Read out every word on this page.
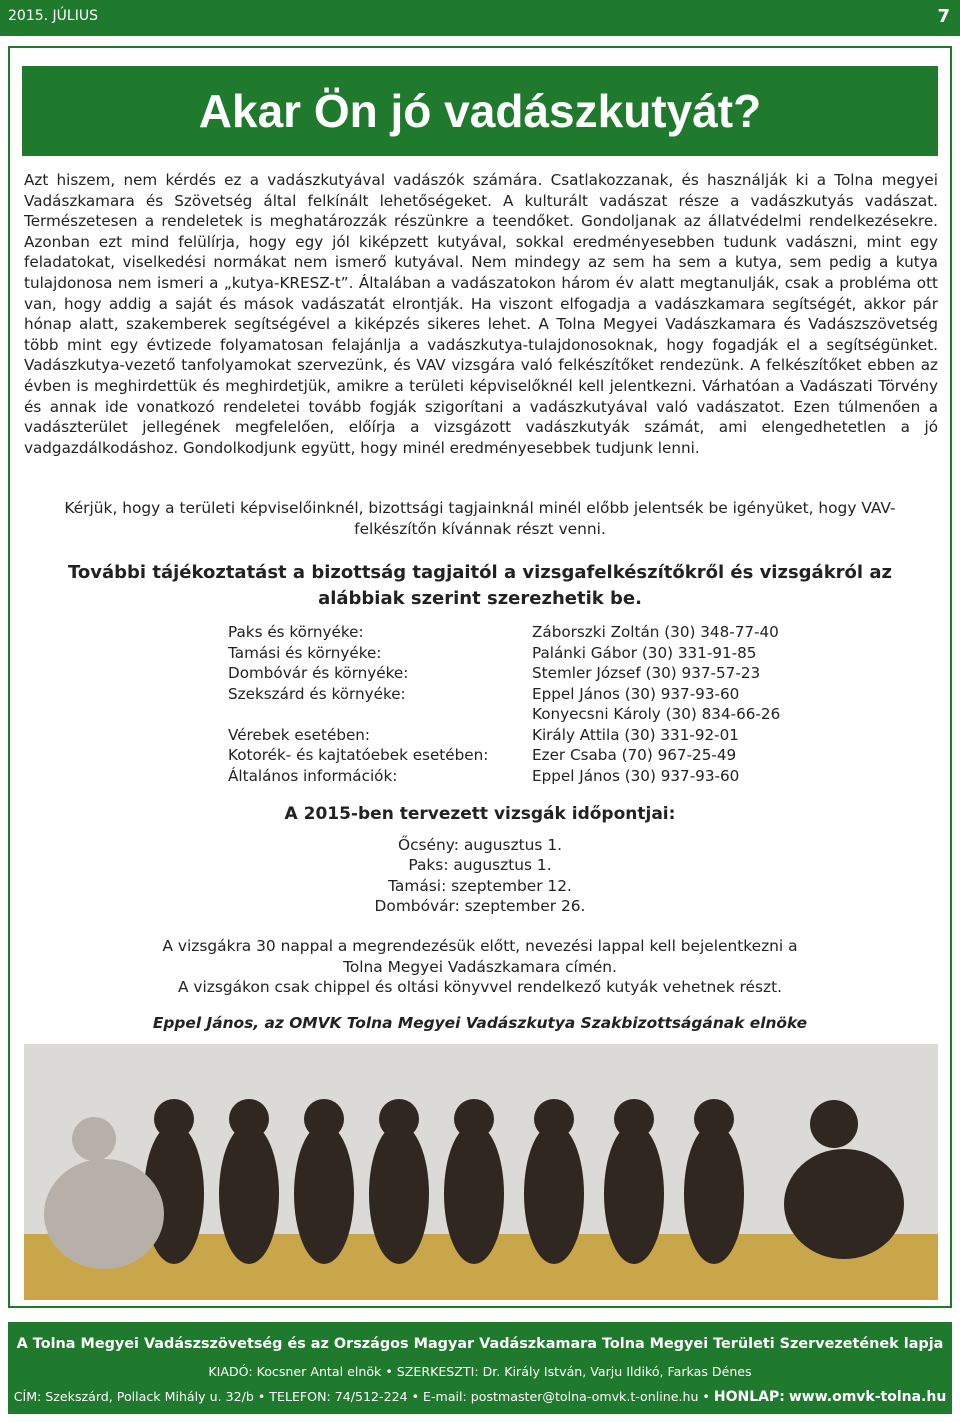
2015. JÚLIUS	7
Akar Ön jó vadászkutyát?
Azt hiszem, nem kérdés ez a vadászkutyával vadászók számára. Csatlakozzanak, és használják ki a Tolna megyei Vadászkamara és Szövetség által felkínált lehetőségeket. A kulturált vadászat része a vadászkutyás vadászat. Természetesen a rendeletek is meghatározzák részünkre a teendőket. Gondoljanak az állatvédelmi rendelkezésekre. Azonban ezt mind felülírja, hogy egy jól kiképzett kutyával, sokkal eredményesebben tudunk vadászni, mint egy feladatokat, viselkedési normákat nem ismerő kutyával. Nem mindegy az sem ha sem a kutya, sem pedig a kutya tulajdonosa nem ismeri a „kutya-KRESZ-t”. Általában a vadászatokon három év alatt megtanulják, csak a probléma ott van, hogy addig a saját és mások vadászatát elrontják. Ha viszont elfogadja a vadászkamara segítségét, akkor pár hónap alatt, szakemberek segítségével a kiképzés sikeres lehet. A Tolna Megyei Vadászkamara és Vadászszövetség több mint egy évtizede folyamatosan felajánlja a vadászkutya-tulajdonosoknak, hogy fogadják el a segítségünket. Vadászkutya-vezető tanfolyamokat szervezünk, és VAV vizsgára való felkészítőket rendezünk. A felkészítőket ebben az évben is meghirdettük és meghirdetjük, amikre a területi képviselőknél kell jelentkezni. Várhatóan a Vadászati Törvény és annak ide vonatkozó rendeletei tovább fogják szigorítani a vadászkutyával való vadászatot. Ezen túlmenően a vadászterület jellegének megfelelően, előírja a vizsgázott vadászkutyák számát, ami elengedhetetlen a jó vadgazdálkodáshoz. Gondolkodjunk együtt, hogy minél eredményesebbek tudjunk lenni.
Kérjük, hogy a területi képviselőinknél, bizottsági tagjainknál minél előbb jelentsék be igényüket, hogy VAV-felkészítőn kívánnak részt venni.
További tájékoztatást a bizottság tagjaitól a vizsgafelkészítőkről és vizsgákról az alábbiak szerint szerezhetik be.
Paks és környéke:	Záborszki Zoltán (30) 348-77-40
Tamási és környéke:	Palánki Gábor (30) 331-91-85
Dombóvár és környéke:	Stemler József (30) 937-57-23
Szekszárd és környéke:	Eppel János (30) 937-93-60
Konyecsni Károly (30) 834-66-26
Vérebek esetében:	Király Attila (30) 331-92-01
Kotorék- és kajtatóebek esetében:	Ezer Csaba (70) 967-25-49
Általános információk:	Eppel János (30) 937-93-60
A 2015-ben tervezett vizsgák időpontjai:
Őcsény: augusztus 1.
Paks: augusztus 1.
Tamási: szeptember 12.
Dombóvár: szeptember 26.
A vizsgákra 30 nappal a megrendezésük előtt, nevezési lappal kell bejelentkezni a
Tolna Megyei Vadászkamara címén.
A vizsgákon csak chippel és oltási könyvvel rendelkező kutyák vehetnek részt.
Eppel János, az OMVK Tolna Megyei Vadászkutya Szakbizottságának elnöke
A Tolna Megyei Vadászszövetség és az Országos Magyar Vadászkamara Tolna Megyei Területi Szervezetének lapja
KIADÓ: Kocsner Antal elnök • SZERKESZTI: Dr. Király István, Varju Ildikó, Farkas Dénes
CÍM: Szekszárd, Pollack Mihály u. 32/b • TELEFON: 74/512-224 • E-mail: postmaster@tolna-omvk.t-online.hu • HONLAP: www.omvk-tolna.hu
